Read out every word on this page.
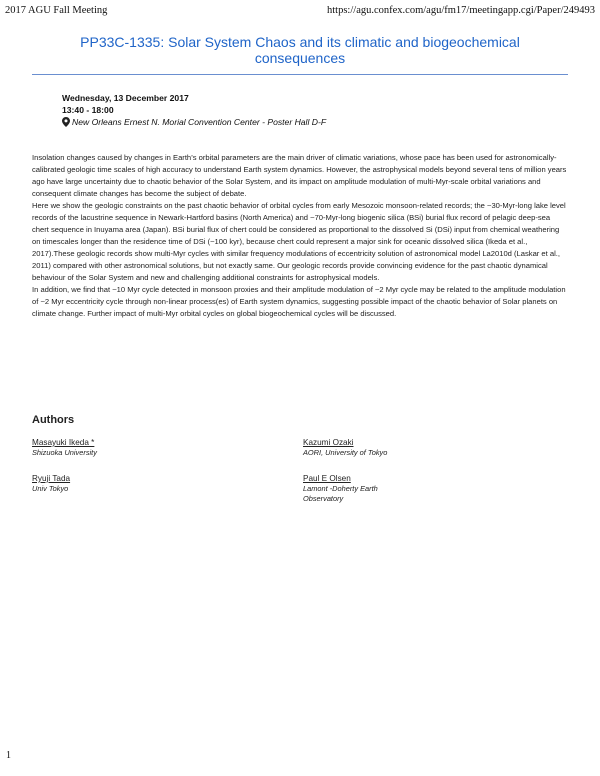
2017 AGU Fall Meeting	https://agu.confex.com/agu/fm17/meetingapp.cgi/Paper/249493
PP33C-1335: Solar System Chaos and its climatic and biogeochemical consequences
Wednesday, 13 December 2017
13:40 - 18:00
New Orleans Ernest N. Morial Convention Center - Poster Hall D-F

Insolation changes caused by changes in Earth’s orbital parameters are the main driver of climatic variations, whose pace has been used for astronomically-calibrated geologic time scales of high accuracy to understand Earth system dynamics. However, the astrophysical models beyond several tens of million years ago have large uncertainty due to chaotic behavior of the Solar System, and its impact on amplitude modulation of multi-Myr-scale orbital variations and consequent climate changes has become the subject of debate.

Here we show the geologic constraints on the past chaotic behavior of orbital cycles from early Mesozoic monsoon-related records; the ~30-Myr-long lake level records of the lacustrine sequence in Newark-Hartford basins (North America) and ~70-Myr-long biogenic silica (BSi) burial flux record of pelagic deep-sea chert sequence in Inuyama area (Japan). BSi burial flux of chert could be considered as proportional to the dissolved Si (DSi) input from chemical weathering on timescales longer than the residence time of DSi (~100 kyr), because chert could represent a major sink for oceanic dissolved silica (Ikeda et al., 2017).These geologic records show multi-Myr cycles with similar frequency modulations of eccentricity solution of astronomical model La2010d (Laskar et al., 2011) compared with other astronomical solutions, but not exactly same. Our geologic records provide convincing evidence for the past chaotic dynamical behaviour of the Solar System and new and challenging additional constraints for astrophysical models.

In addition, we find that ~10 Myr cycle detected in monsoon proxies and their amplitude modulation of ~2 Myr cycle may be related to the amplitude modulation of ~2 Myr eccentricity cycle through non-linear process(es) of Earth system dynamics, suggesting possible impact of the chaotic behavior of Solar planets on climate change. Further impact of multi-Myr orbital cycles on global biogeochemical cycles will be discussed.

Authors
Masayuki Ikeda *
Shizuoka University
Kazumi Ozaki
AORI, University of Tokyo
Ryuji Tada
Univ Tokyo
Paul E Olsen
Lamont -Doherty Earth Observatory
1
